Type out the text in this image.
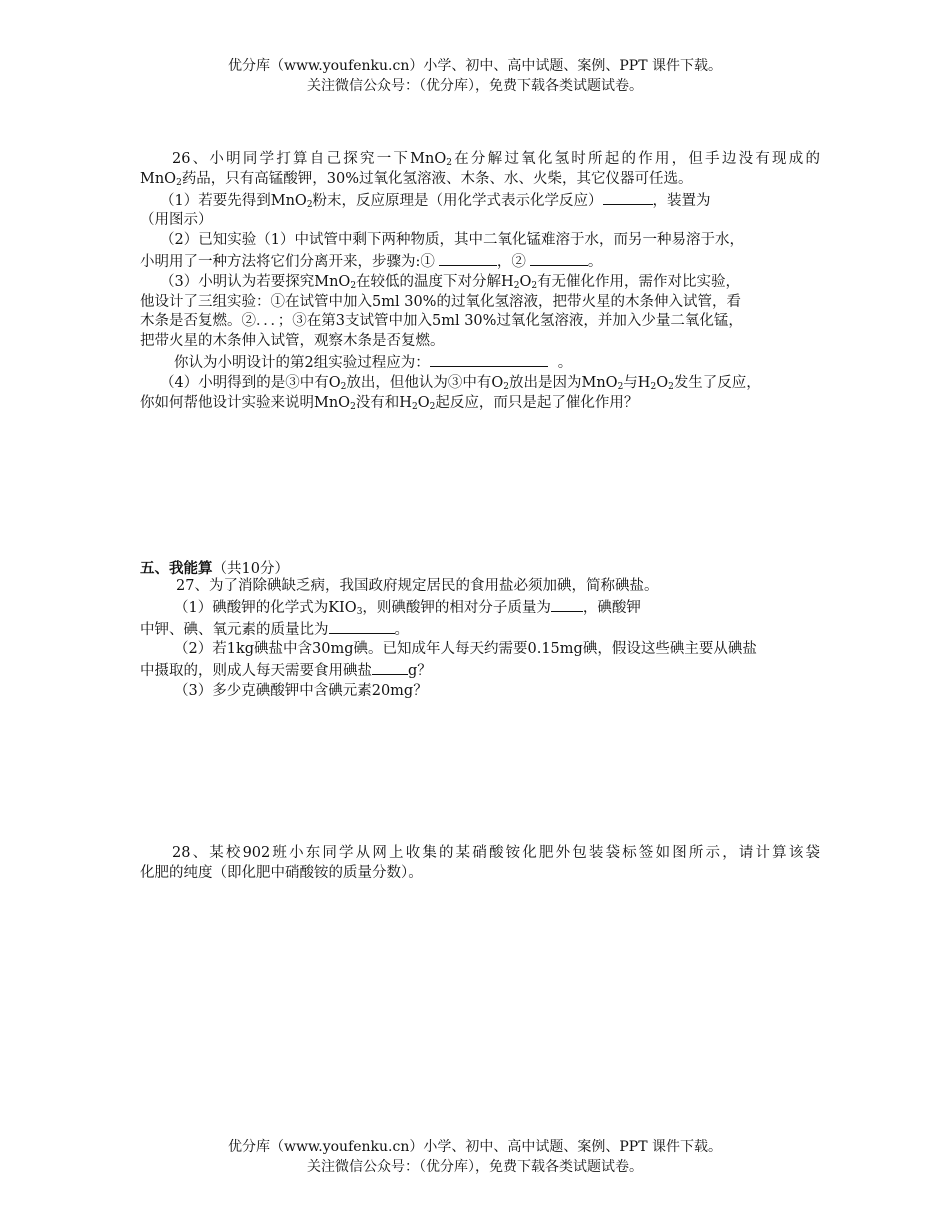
优分库（www.youfenku.cn）小学、初中、高中试题、案例、PPT 课件下载。
关注微信公众号：（优分库），免费下载各类试题试卷。
26、小明同学打算自己探究一下MnO$_2$在分解过氧化氢时所起的作用，但手边没有现成的
MnO$_2$药品，只有高锰酸钾，30%过氧化氢溶液、木条、水、火柴，其它仪器可任选。
（1）若要先得到MnO$_2$粉末，反应原理是（用化学式表示化学反应）	，装置为
（用图示）
（2）已知实验（1）中试管中剩下两种物质，其中二氧化锰难溶于水，而另一种易溶于水，
小明用了一种方法将它们分离开来，步骤为:①	，②	。
（3）小明认为若要探究MnO$_2$在较低的温度下对分解$H_2O_2$有无催化作用，需作对比实验，
他设计了三组实验：①在试管中加入5ml 30%的过氧化氢溶液，把带火星的木条伸入试管，看
木条是否复燃。②．．．；③在第3支试管中加入5ml 30%过氧化氢溶液，并加入少量二氧化锰，
把带火星的木条伸入试管，观察木条是否复燃。
你认为小明设计的第2组实验过程应为：	。
（4）小明得到的是③中有$O_2$放出，但他认为③中有$O_2$放出是因为MnO$_2$与$H_2O_2$发生了反应，
你如何帮他设计实验来说明MnO$_2$没有和$H_2O_2$起反应，而只是起了催化作用？
五、我能算（共10分）
27、为了消除碘缺乏病，我国政府规定居民的食用盐必须加碘，简称碘盐。
（1）碘酸钾的化学式为$KIO_3$，则碘酸钾的相对分子质量为 ，碘酸钾
中钾、碘、氧元素的质量比为	。
（2）若1kg碘盐中含30mg碘。已知成年人每天约需要0.15mg碘，假设这些碘主要从碘盐
中摄取的，则成人每天需要食用碘盐 g？
（3）多少克碘酸钾中含碘元素20mg？
28、某校902班小东同学从网上收集的某硝酸铵化肥外包装袋标签如图所示，请计算该袋
化肥的纯度（即化肥中硝酸铵的质量分数）。
优分库（www.youfenku.cn）小学、初中、高中试题、案例、PPT 课件下载。
关注微信公众号：（优分库），免费下载各类试题试卷。
